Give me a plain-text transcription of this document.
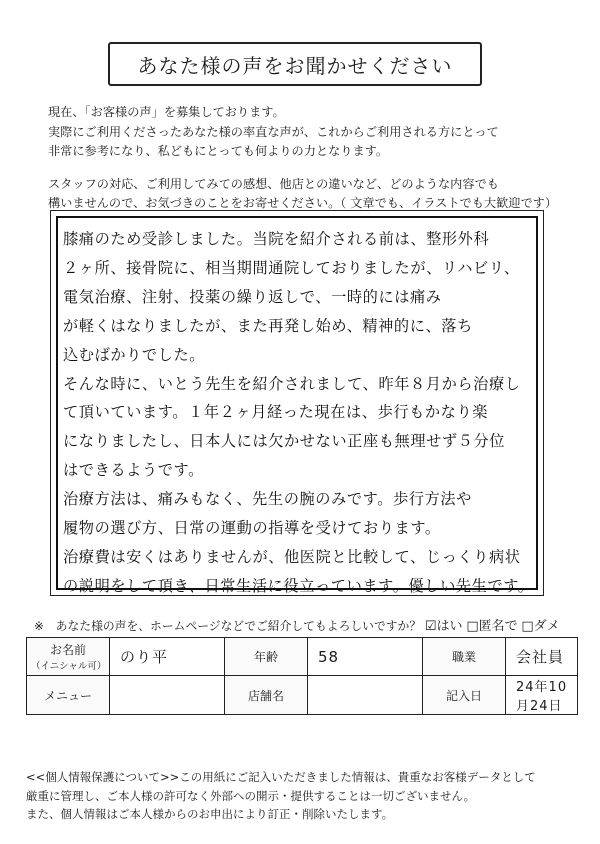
あなた様の声をお聞かせください

現在、「お客様の声」を募集しております。

実際にご利用くださったあなた様の率直な声が、これからご利用される方にとって

非常に参考になり、私どもにとっても何よりの力となります。

スタッフの対応、ご利用してみての感想、他店との違いなど、どのような内容でも

構いませんので、お気づきのことをお寄せください。（ 文章でも、イラストでも大歓迎です）

膝痛のため受診しました。当院を紹介される前は、整形外科
２ヶ所、接骨院に、相当期間通院しておりましたが、リハビリ、
電気治療、注射、投薬の繰り返しで、一時的には痛み
が軽くはなりましたが、また再発し始め、精神的に、落ち
込むばかりでした。
そんな時に、いとう先生を紹介されまして、昨年８月から治療し
て頂いています。１年２ヶ月経った現在は、歩行もかなり楽
になりましたし、日本人には欠かせない正座も無理せず５分位
はできるようです。
治療方法は、痛みもなく、先生の腕のみです。歩行方法や
履物の選び方、日常の運動の指導を受けております。
治療費は安くはありませんが、他医院と比較して、じっくり病状
の説明をして頂き、日常生活に役立っています。優しい先生です。
※　あなた様の声を、ホームページなどでご紹介してもよろしいですか？ ☑はい □匿名で □ダメ
お名前
（イニシャル可）	のり平	年齢	58	職業	会社員
メニュー		店舗名		記入日	24年10月24日

<<個人情報保護について>>この用紙にご記入いただきました情報は、貴重なお客様データとして

厳重に管理し、ご本人様の許可なく外部への開示・提供することは一切ございません。

また、個人情報はご本人様からのお申出により訂正・削除いたします。
